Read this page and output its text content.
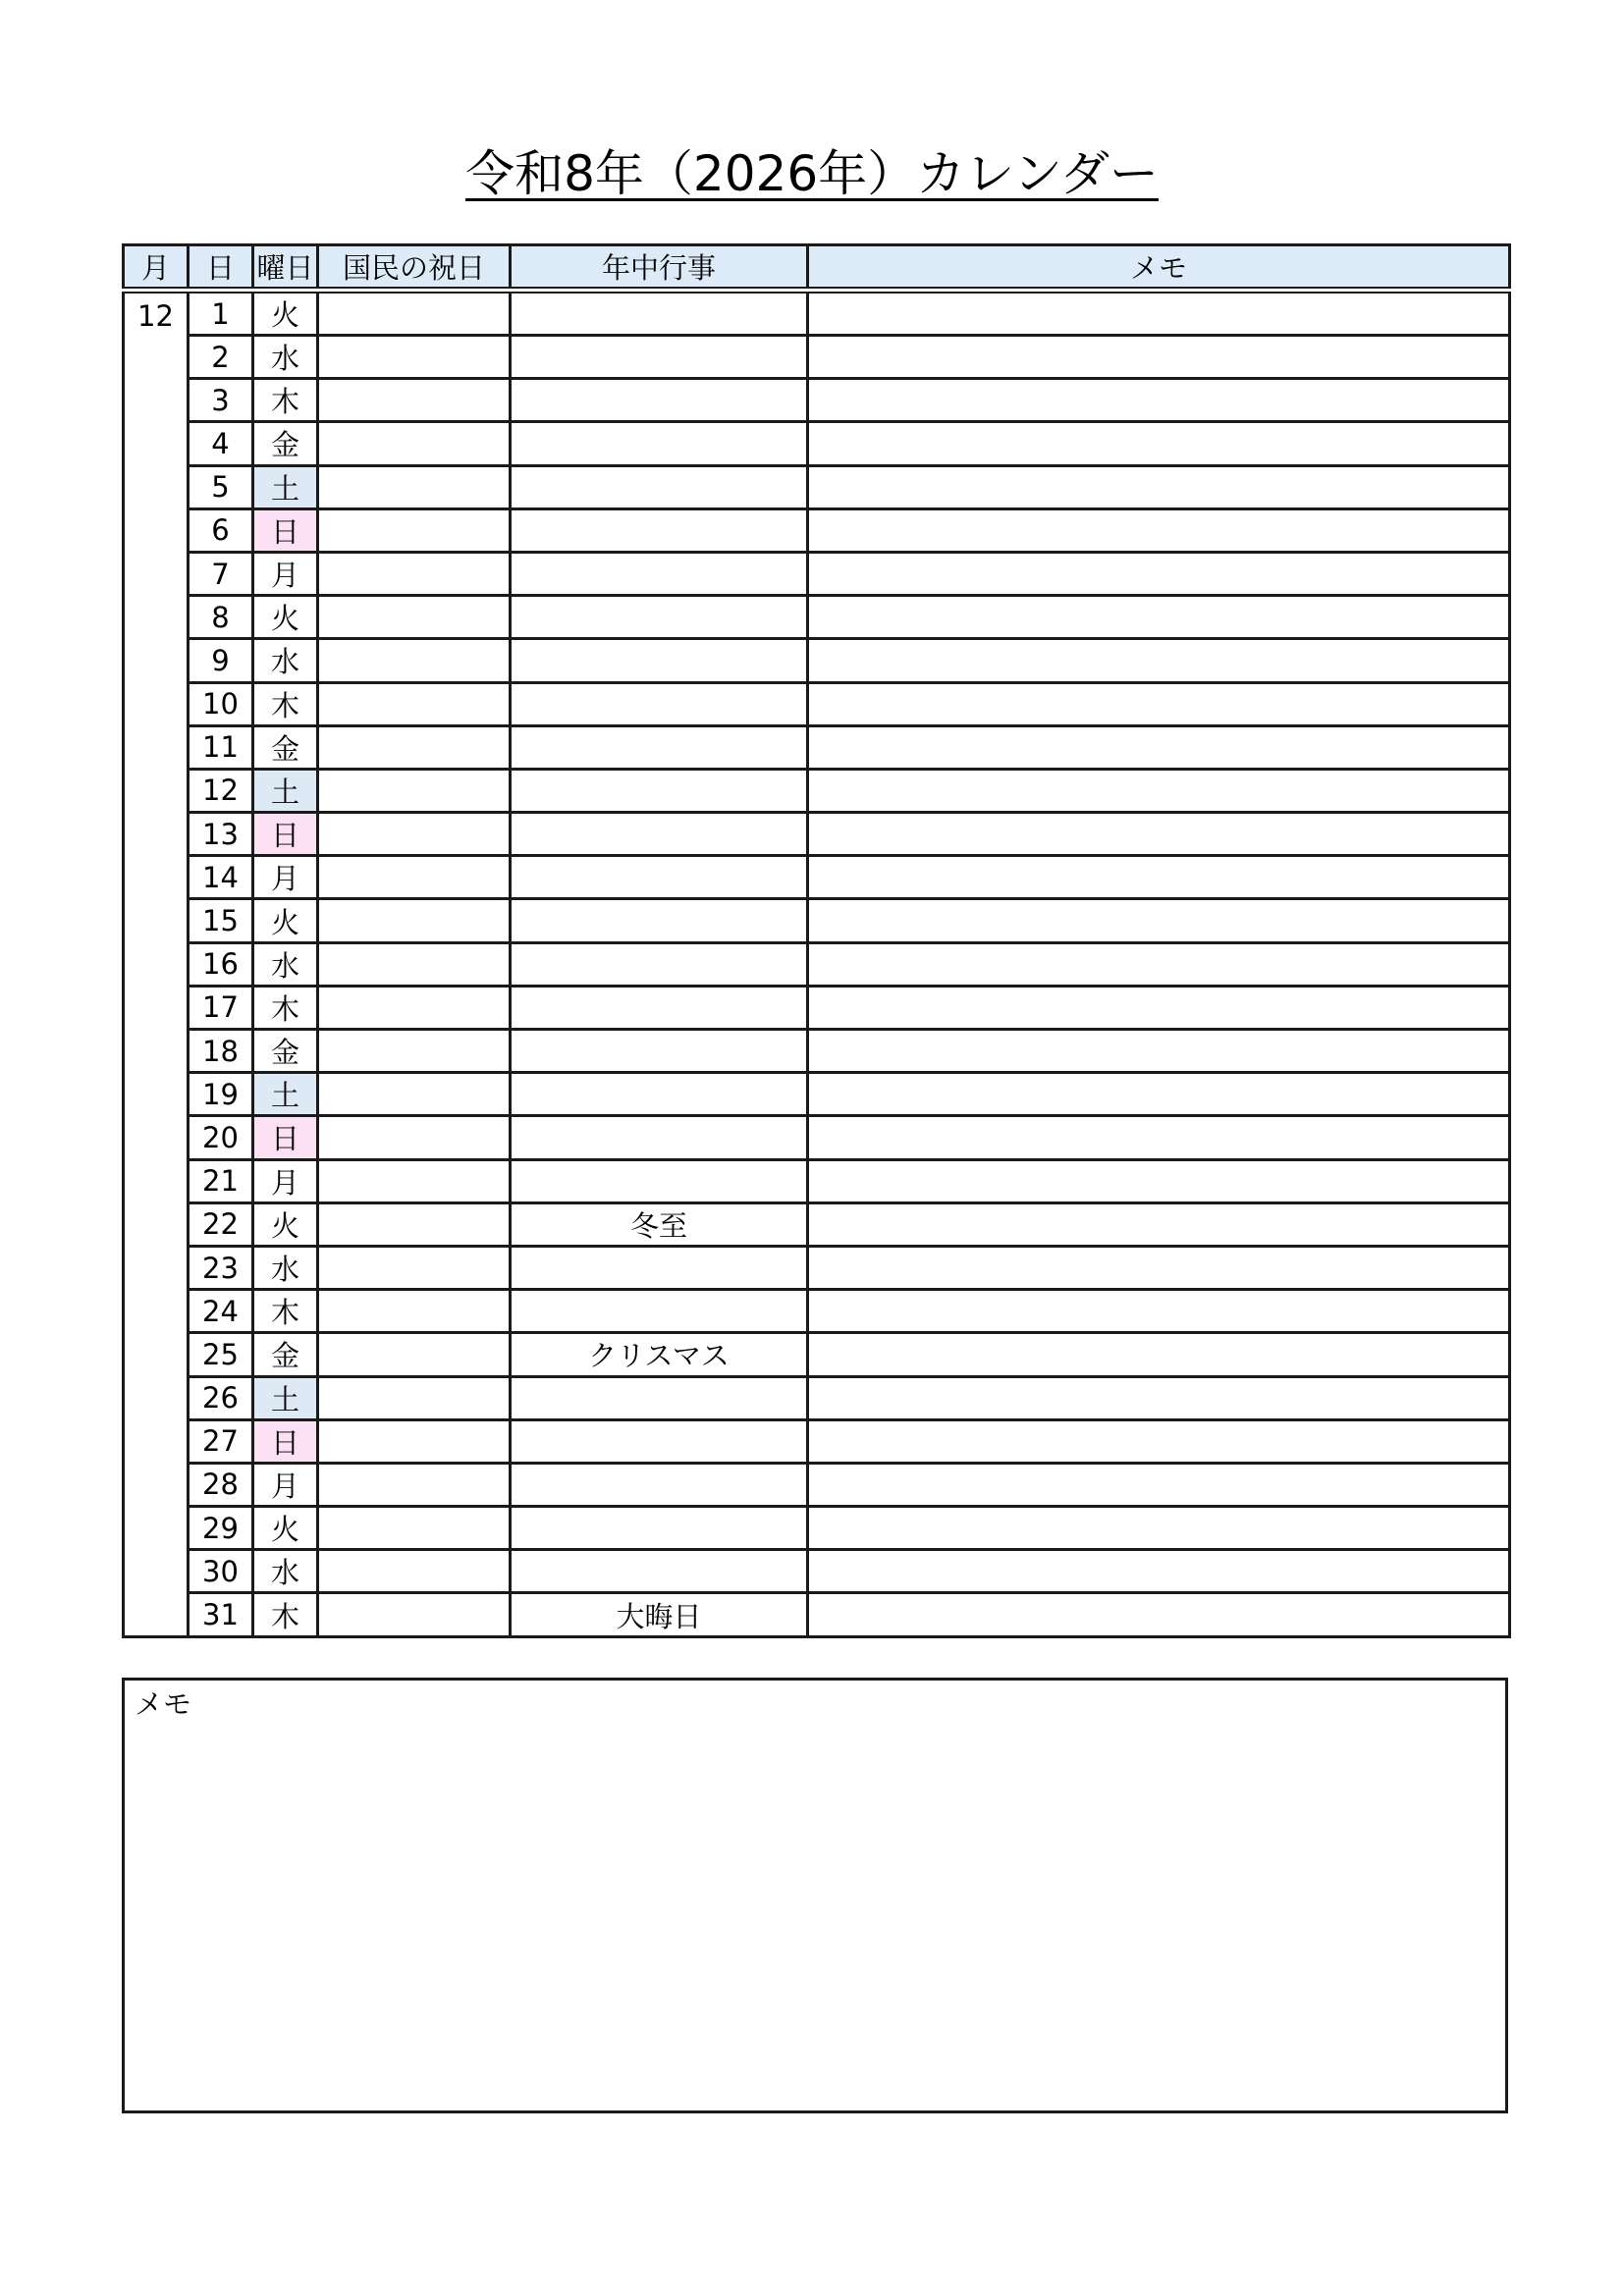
令和8年（2026年）カレンダー
月	日	曜日	国民の祝日	年中行事	メモ
12	1	火			
	2	水			
	3	木			
	4	金			
	5	土			
	6	日			
	7	月			
	8	火			
	9	水			
	10	木			
	11	金			
	12	土			
	13	日			
	14	月			
	15	火			
	16	水			
	17	木			
	18	金			
	19	土			
	20	日			
	21	月			
	22	火		冬至	
	23	水			
	24	木			
	25	金		クリスマス	
	26	土			
	27	日			
	28	月			
	29	火			
	30	水			
	31	木		大晦日	
メモ
